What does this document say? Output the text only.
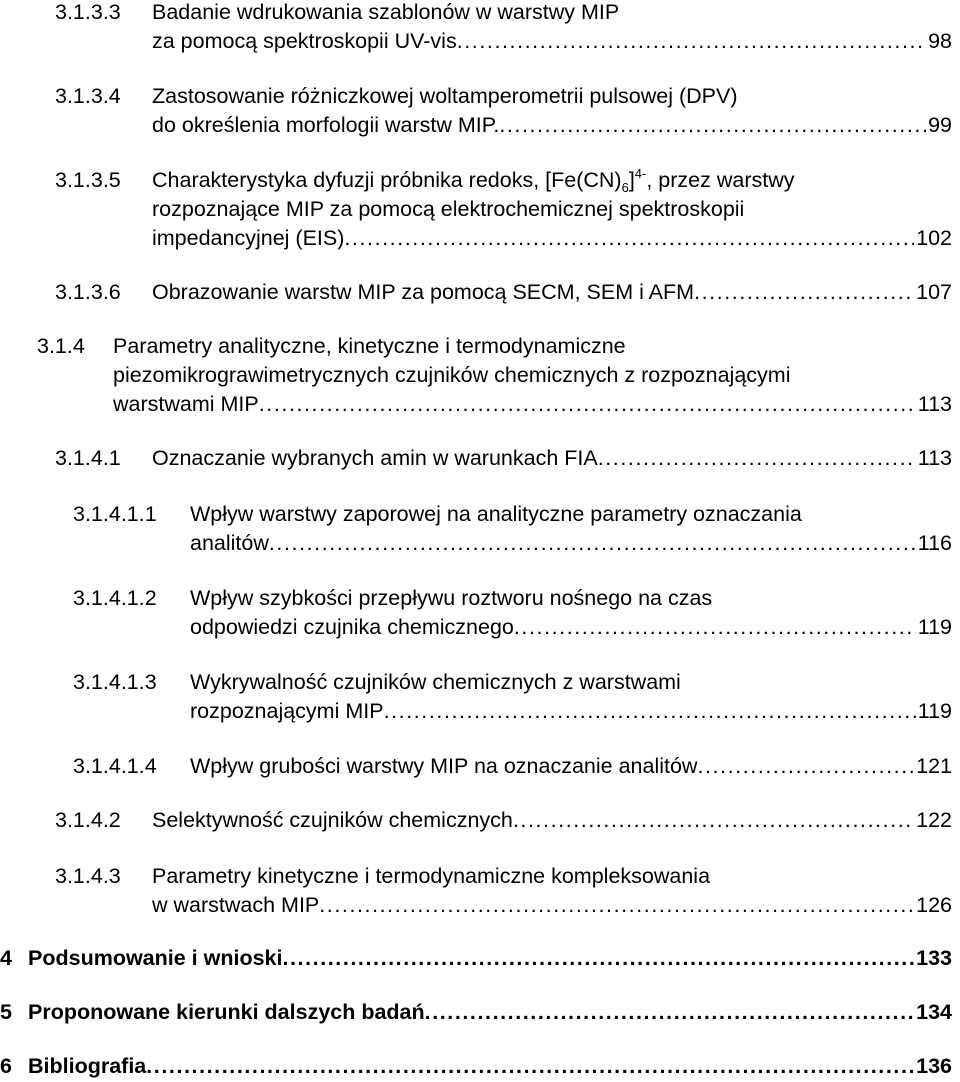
3.1.3.3 Badanie wdrukowania szablonów w warstwy MIP
za pomocą spektroskopii UV-vis . . .	98
3.1.3.4 Zastosowanie różniczkowej woltamperometrii pulsowej (DPV)
do określenia morfologii warstw MIP. . . .	99
3.1.3.5 Charakterystyka dyfuzji próbnika redoks, $[Fe(CN)_6]^{4-}$, przez warstwy
rozpoznające MIP za pomocą elektrochemicznej spektroskopii
impedancyjnej (EIS) . . .	102
3.1.3.6 Obrazowanie warstw MIP za pomocą SECM, SEM i AFM . . .	107
3.1.4 Parametry analityczne, kinetyczne i termodynamiczne
piezomikrograwimetrycznych czujników chemicznych z rozpoznającymi
warstwami MIP . . .	113
3.1.4.1 Oznaczanie wybranych amin w warunkach FIA . . .	113
3.1.4.1.1 Wpływ warstwy zaporowej na analityczne parametry oznaczania
analitów . . .	116
3.1.4.1.2 Wpływ szybkości przepływu roztworu nośnego na czas
odpowiedzi czujnika chemicznego . . .	119
3.1.4.1.3 Wykrywalność czujników chemicznych z warstwami
rozpoznającymi MIP . . .	119
3.1.4.1.4 Wpływ grubości warstwy MIP na oznaczanie analitów . . .	121
3.1.4.2 Selektywność czujników chemicznych . . .	122
3.1.4.3 Parametry kinetyczne i termodynamiczne kompleksowania
w warstwach MIP . . .	126
4 Podsumowanie i wnioski . . .	133
5 Proponowane kierunki dalszych badań . . .	134
6 Bibliografia . . .	136
